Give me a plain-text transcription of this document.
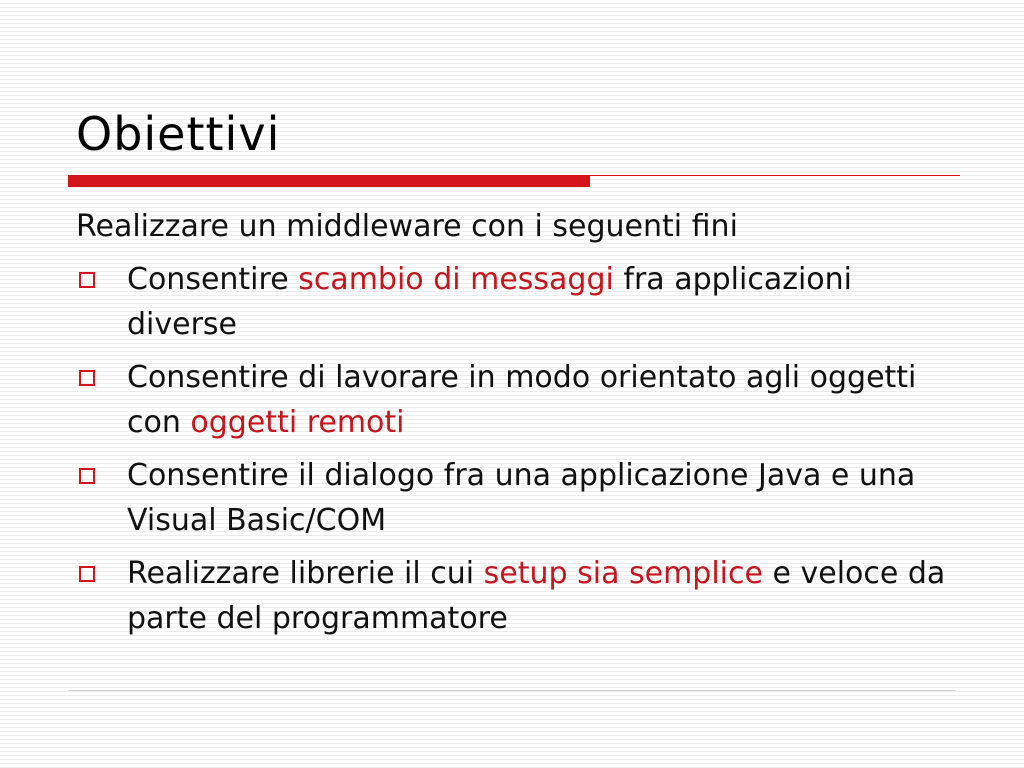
Obiettivi
Realizzare un middleware con i seguenti fini
Consentire scambio di messaggi fra applicazioni diverse
Consentire di lavorare in modo orientato agli oggetti con oggetti remoti
Consentire il dialogo fra una applicazione Java e una Visual Basic/COM
Realizzare librerie il cui setup sia semplice e veloce da parte del programmatore
